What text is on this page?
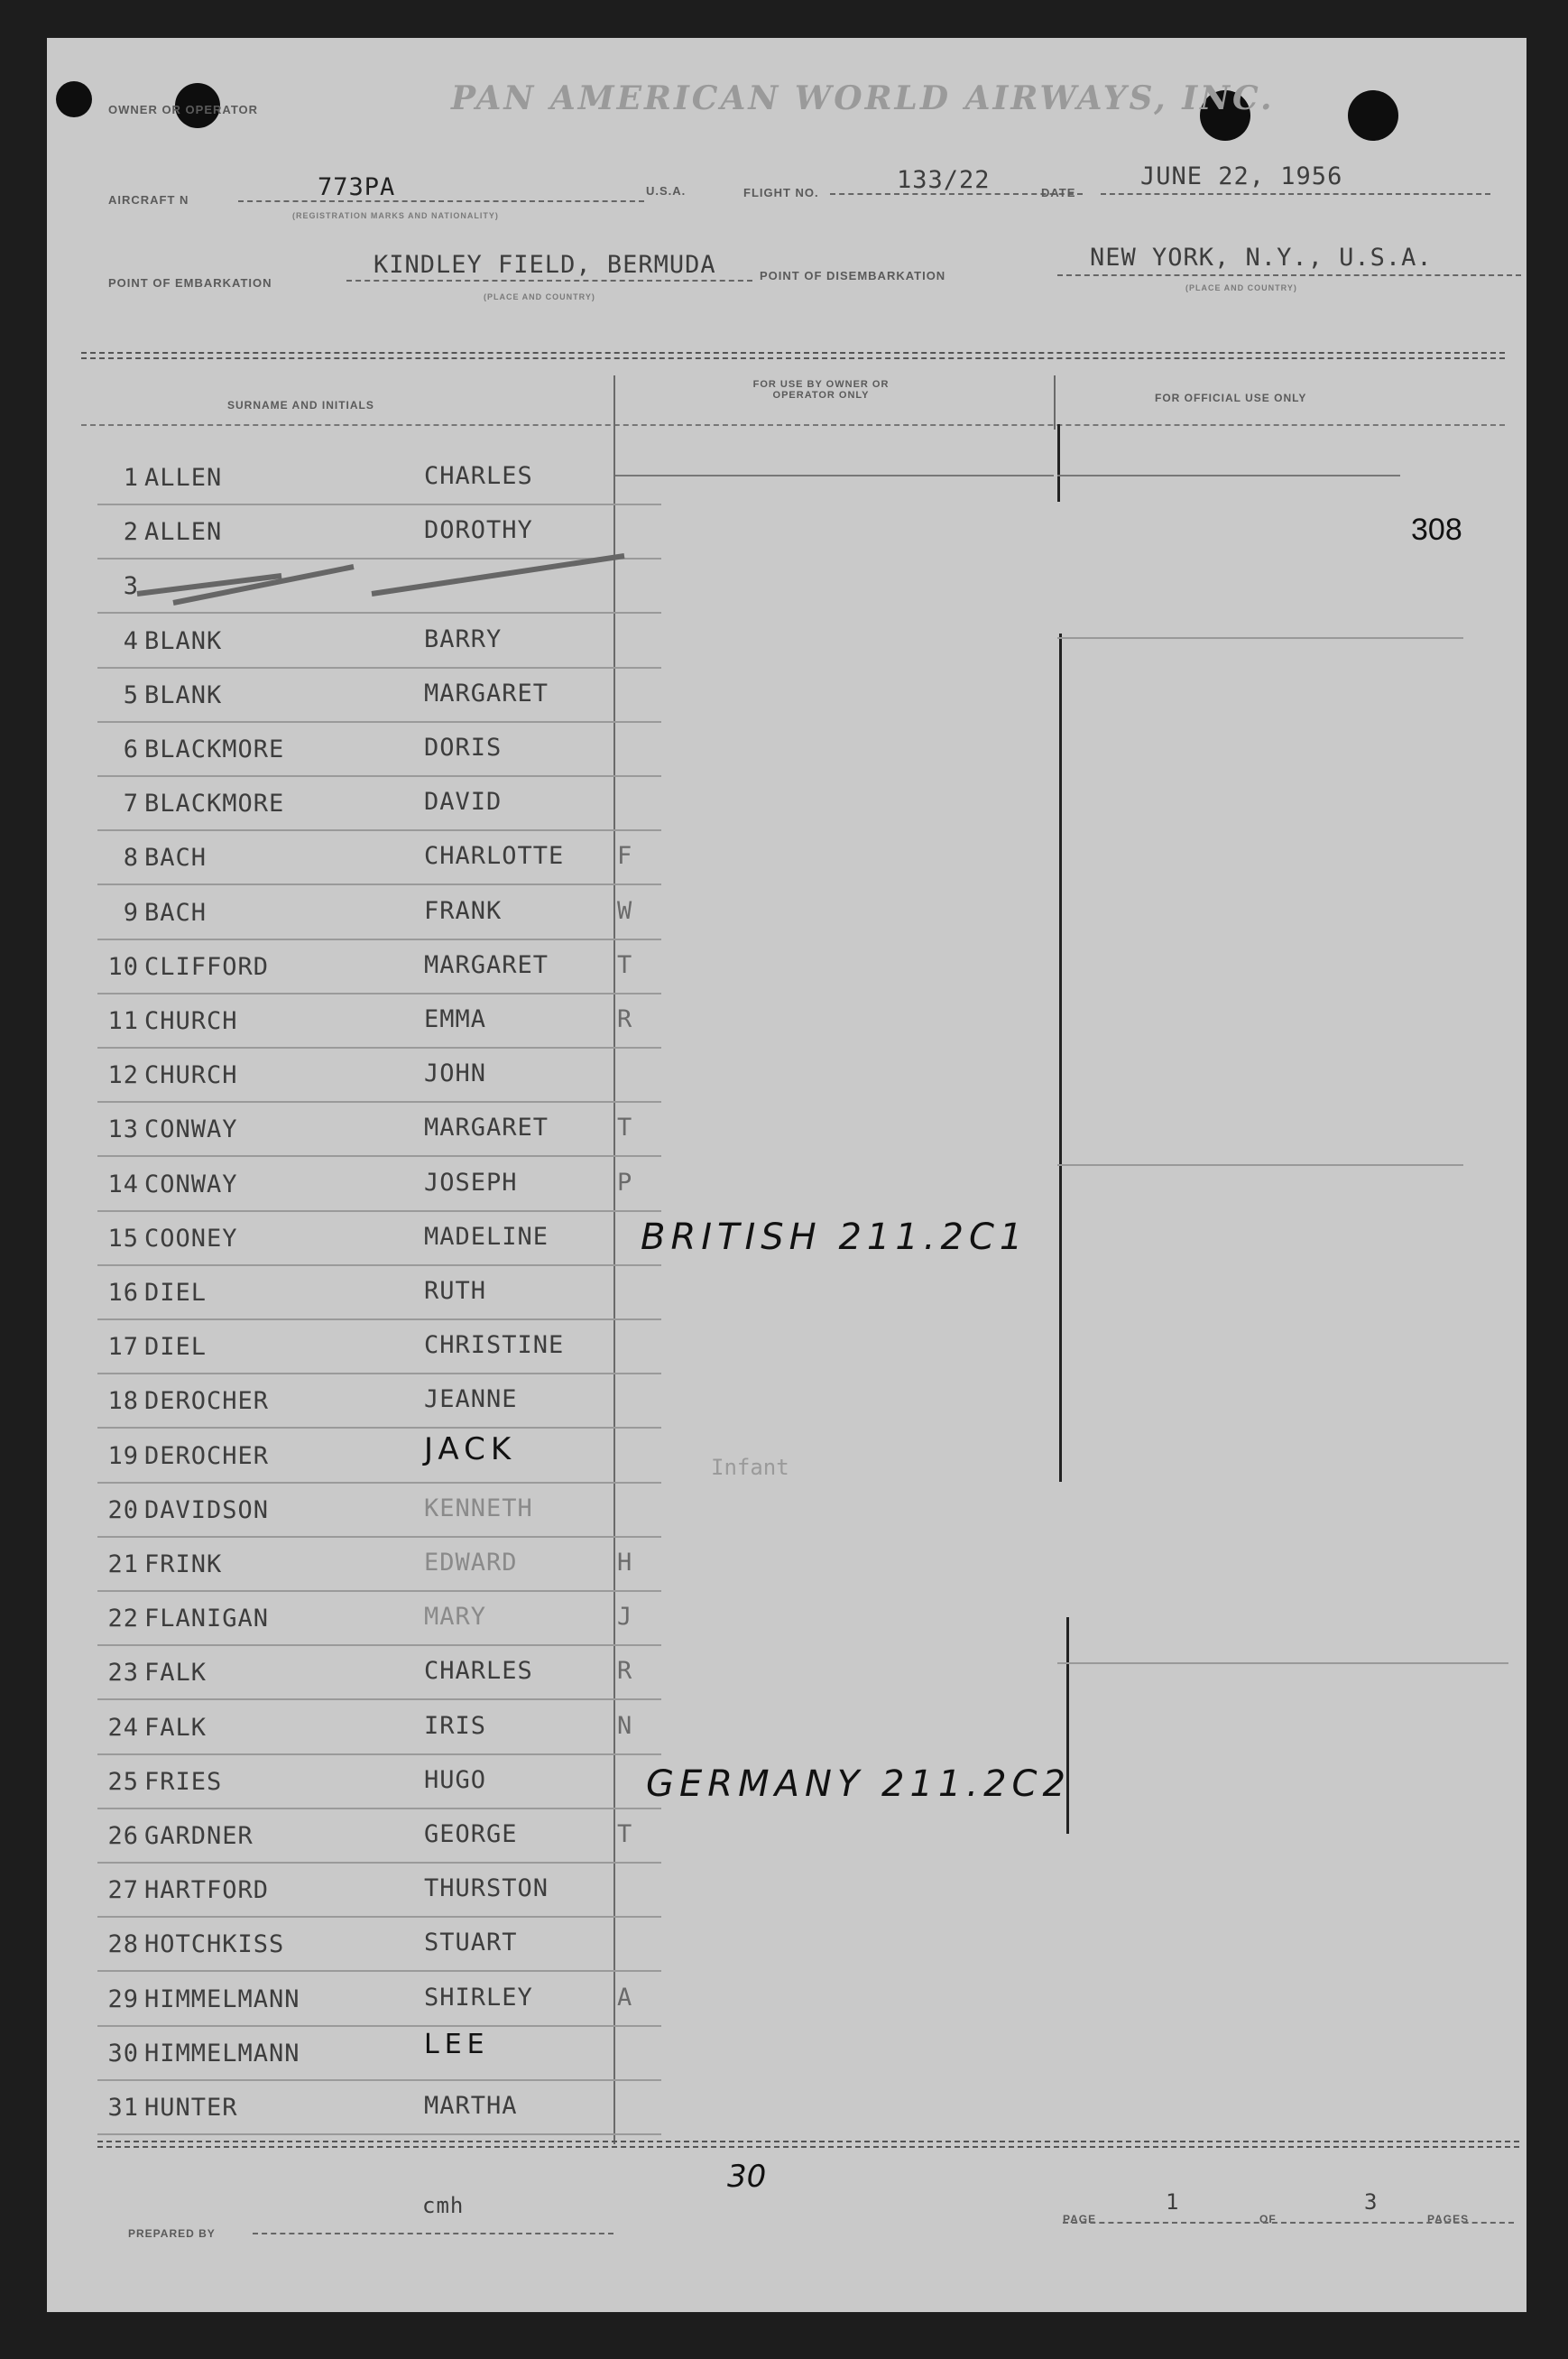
OWNER OR OPERATOR	PAN AMERICAN WORLD AIRWAYS, INC.
AIRCRAFT N	773PA
(REGISTRATION MARKS AND NATIONALITY)
U.S.A.	FLIGHT NO.	133/22	DATE
JUNE 22, 1956
POINT OF EMBARKATION
KINDLEY FIELD, BERMUDA
(PLACE AND COUNTRY)
POINT OF DISEMBARKATION
NEW YORK, N.Y., U.S.A.
(PLACE AND COUNTRY)
SURNAME AND INITIALS
FOR USE BY OWNER OR OPERATOR ONLY	FOR OFFICIAL USE ONLY
308
1 ALLEN	CHARLES
2 ALLEN	DOROTHY
3
4 BLANK	BARRY
5 BLANK	MARGARET
6 BLACKMORE	DORIS
7 BLACKMORE	DAVID
8 BACH	CHARLOTTE F
9 BACH	FRANK	W
10 CLIFFORD	MARGARET	T
11 CHURCH	EMMA	R
12 CHURCH	JOHN
13 CONWAY	MARGARET	T
14 CONWAY	JOSEPH	P
15 COONEY	MADELINE
16 DIEL	RUTH
17 DIEL	CHRISTINE
18 DEROCHER	JEANNE
19 DEROCHER	JACK
20 DAVIDSON	KENNETH
21 FRINK	EDWARD	H
22 FLANIGAN	MARY	J
23 FALK	CHARLES	R
24 FALK	IRIS	N
25 FRIES	HUGO
26 GARDNER	GEORGE	T
27 HARTFORD	THURSTON
28 HOTCHKISS	STUART
29 HIMMELMANN	SHIRLEY	A
30 HIMMELMANN	LEE
31 HUNTER	MARTHA
BRITISH 211.2C1
Infant
GERMANY 211.2C2
30
PREPARED BY
cmh
PAGE
1
OF
3
PAGES
